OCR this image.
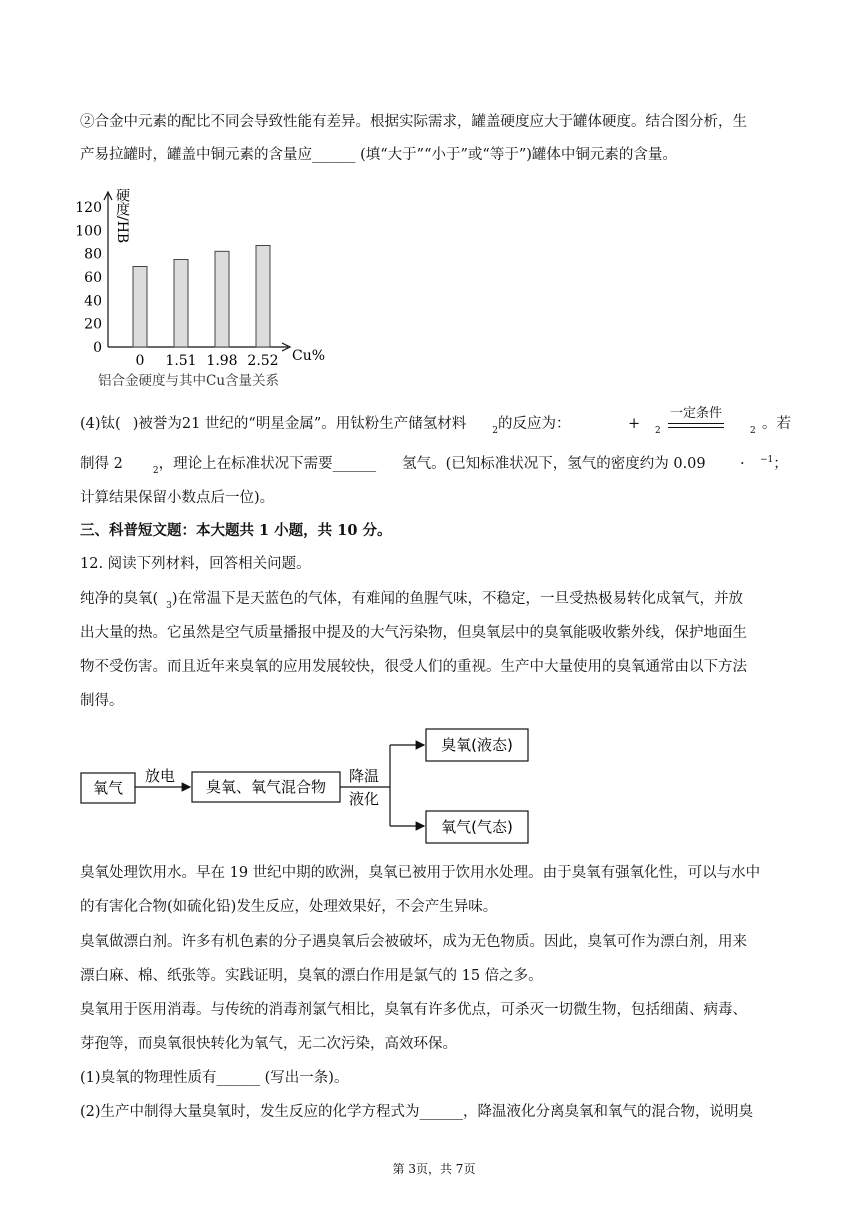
②合金中元素的配比不同会导致性能有差异。根据实际需求，罐盖硬度应大于罐体硬度。结合图分析，生
产易拉罐时，罐盖中铜元素的含量应______ (填“大于”“小于”或“等于”)罐体中铜元素的含量。
0
20
40
60
80
100
120 硬度/HB
0 1.51 1.98 2.52 Cu%
铝合金硬度与其中Cu含量关系
(4)钛( )被誉为21 世纪的“明星金属”。用钛粉生产储氢材料	$_2$的反应为：	+ $_2$
一定条件
$_2$ 。若
制得 2	$_2$，理论上在标准状况下需要______ 氢气。(已知标准状况下，氢气的密度约为 0.09 · $^{-1}$；
计算结果保留小数点后一位)。
三、科普短文题：本大题共 1 小题，共 10 分。
12. 阅读下列材料，回答相关问题。
纯净的臭氧( $_3$)在常温下是天蓝色的气体，有难闻的鱼腥气味，不稳定，一旦受热极易转化成氧气，并放
出大量的热。它虽然是空气质量播报中提及的大气污染物，但臭氧层中的臭氧能吸收紫外线，保护地面生
物不受伤害。而且近年来臭氧的应用发展较快，很受人们的重视。生产中大量使用的臭氧通常由以下方法
制得。
氧气
放电
臭氧、氧气混合物
降温
液化
臭氧(液态)
氧气(气态)
臭氧处理饮用水。早在 19 世纪中期的欧洲，臭氧已被用于饮用水处理。由于臭氧有强氧化性，可以与水中
的有害化合物(如硫化铅)发生反应，处理效果好，不会产生异味。
臭氧做漂白剂。许多有机色素的分子遇臭氧后会被破坏，成为无色物质。因此，臭氧可作为漂白剂，用来
漂白麻、棉、纸张等。实践证明，臭氧的漂白作用是氯气的 15 倍之多。
臭氧用于医用消毒。与传统的消毒剂氯气相比，臭氧有许多优点，可杀灭一切微生物，包括细菌、病毒、
芽孢等，而臭氧很快转化为氧气，无二次污染，高效环保。
(1)臭氧的物理性质有______ (写出一条)。
(2)生产中制得大量臭氧时，发生反应的化学方程式为______，降温液化分离臭氧和氧气的混合物，说明臭
第 3页，共 7页
